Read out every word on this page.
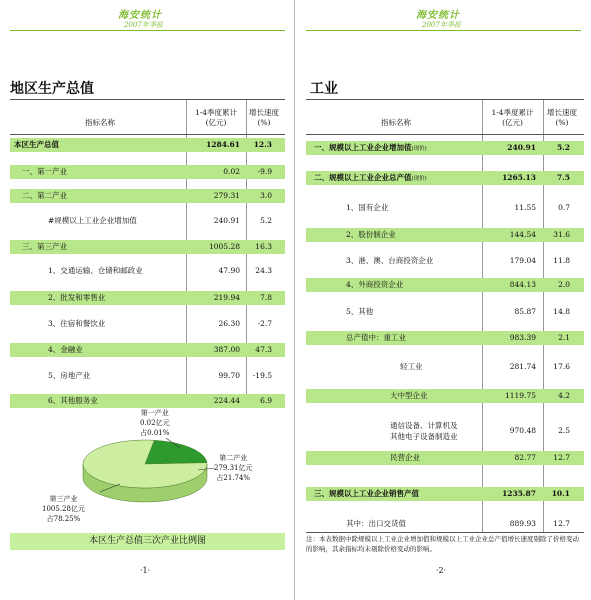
海安统计
2007年季报
地区生产总值
指标名称
1-4季度累计
(亿元)
增长速度
(%)
本区生产总值	1284.61	12.3
一、第一产业	0.02	-9.9
二、第二产业	279.31	3.0
#规模以上工业企业增加值	240.91	5.2
三、第三产业	1005.28	16.3
1、交通运输、仓储和邮政业	47.90	24.3
2、批发和零售业	219.94	7.8
3、住宿和餐饮业	26.30	-2.7
4、金融业	387.00	47.3
5、房地产业	99.70	-19.5
6、其他服务业	224.44	6.9
第一产业
0.02亿元
占0.01%
第二产业
279.31亿元
占21.74%
第三产业
1005.28亿元
占78.25%
本区生产总值三次产业比例图
·1·
海安统计
2007年季报
工业
指标名称
1-4季度累计
(亿元)
增长速度
(%)
一、规模以上工业企业增加值(现价)	240.91	5.2
二、规模以上工业企业总产值(现价)	1265.13	7.5
1、国有企业	11.55	0.7
2、股份制企业	144.54	31.6
3、港、澳、台商投资企业	179.04	11.8
4、外商投资企业	844.13	2.0
5、其他	85.87	14.8
总产值中：重工业	983.39	2.1
轻工业	281.74	17.6
大中型企业	1119.75	4.2
通信设备、计算机及
其他电子设备制造业
970.48	2.5
民营企业	82.77	12.7
三、规模以上工业企业销售产值	1235.87	10.1
其中：出口交货值	889.93	12.7
注：本表数据中除规模以上工业企业增加值和规模以上工业企业总产值增长速度剔除了价格变动的影响，其余指标均未剔除价格变动的影响。
·2·
